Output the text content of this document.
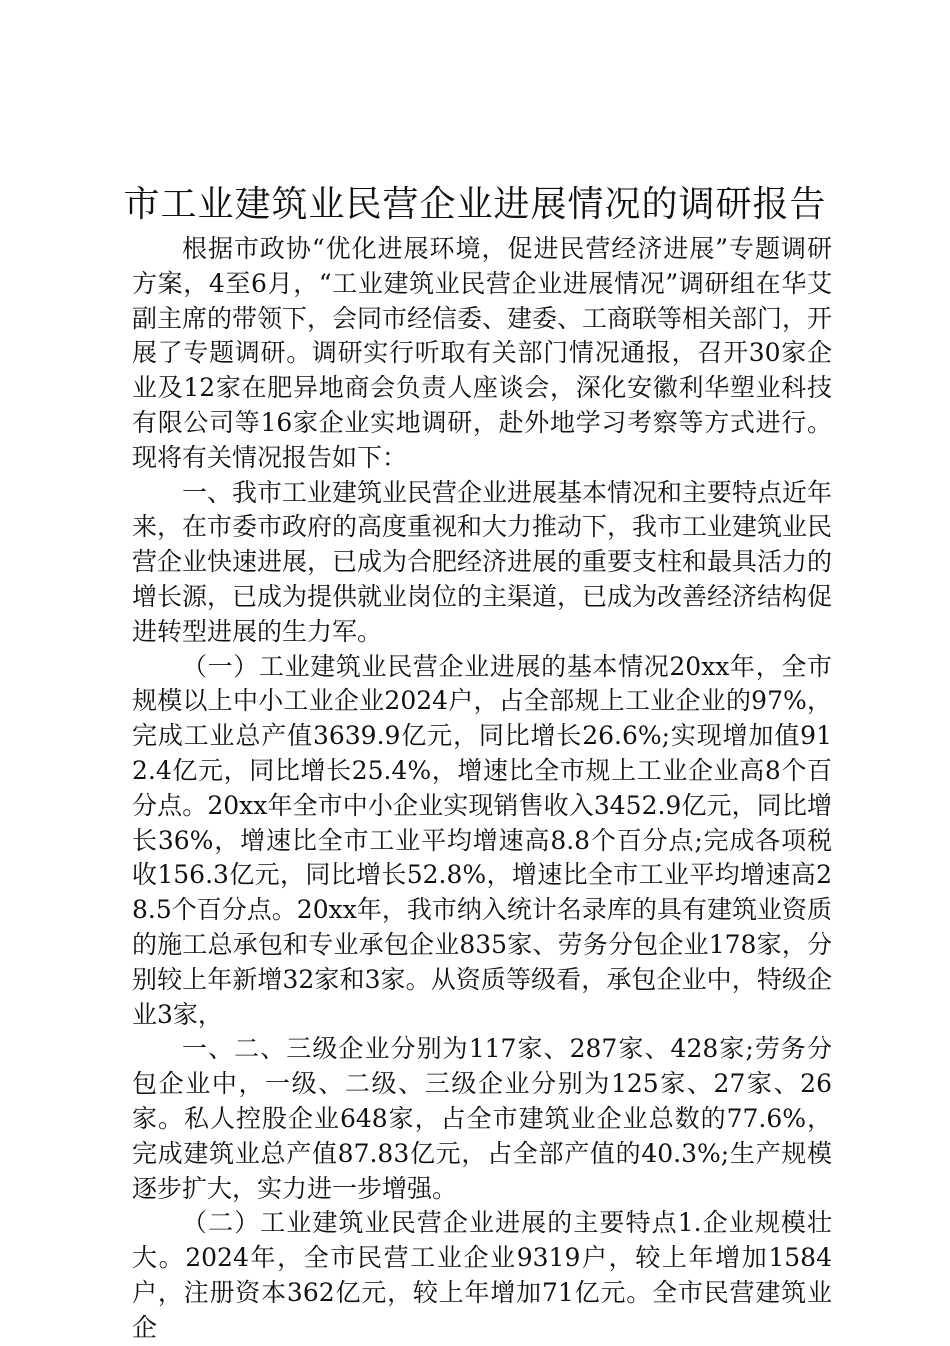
市工业建筑业民营企业进展情况的调研报告

根据市政协“优化进展环境，促进民营经济进展”专题调研方案，4至6月，“工业建筑业民营企业进展情况”调研组在华艾副主席的带领下，会同市经信委、建委、工商联等相关部门，开展了专题调研。调研实行听取有关部门情况通报，召开30家企业及12家在肥异地商会负责人座谈会，深化安徽利华塑业科技有限公司等16家企业实地调研，赴外地学习考察等方式进行。现将有关情况报告如下：

一、我市工业建筑业民营企业进展基本情况和主要特点近年来，在市委市政府的高度重视和大力推动下，我市工业建筑业民营企业快速进展，已成为合肥经济进展的重要支柱和最具活力的增长源，已成为提供就业岗位的主渠道，已成为改善经济结构促进转型进展的生力军。

（一）工业建筑业民营企业进展的基本情况20xx年，全市规模以上中小工业企业2024户，占全部规上工业企业的97%，完成工业总产值3639.9亿元，同比增长26.6%;实现增加值912.4亿元，同比增长25.4%，增速比全市规上工业企业高8个百分点。20xx年全市中小企业实现销售收入3452.9亿元，同比增长36%，增速比全市工业平均增速高8.8个百分点;完成各项税收156.3亿元，同比增长52.8%，增速比全市工业平均增速高28.5个百分点。20xx年，我市纳入统计名录库的具有建筑业资质的施工总承包和专业承包企业835家、劳务分包企业178家，分别较上年新增32家和3家。从资质等级看，承包企业中，特级企业3家，

一、二、三级企业分别为117家、287家、428家;劳务分包企业中，一级、二级、三级企业分别为125家、27家、26家。私人控股企业648家，占全市建筑业企业总数的77.6%，完成建筑业总产值87.83亿元，占全部产值的40.3%;生产规模逐步扩大，实力进一步增强。

（二）工业建筑业民营企业进展的主要特点1.企业规模壮大。2024年，全市民营工业企业9319户，较上年增加1584户，注册资本362亿元，较上年增加71亿元。全市民营建筑业企
